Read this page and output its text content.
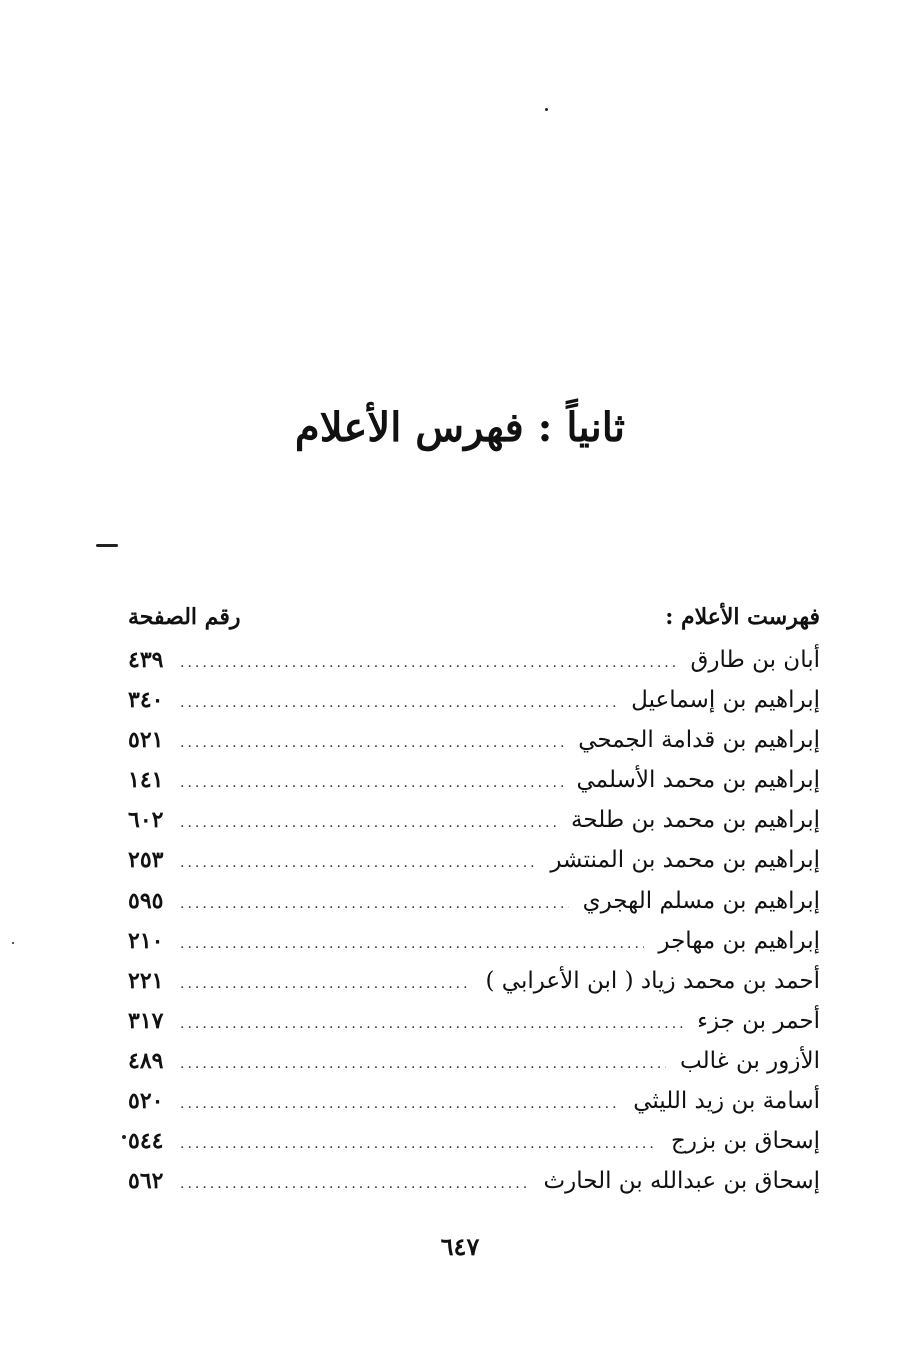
ثانياً : فهرس الأعلام
فهرست الأعلام :
رقم الصفحة
أبان بن طارق
.....
٤٣٩
إبراهيم بن إسماعيل
.....
٣٤٠
إبراهيم بن قدامة الجمحي
.....
٥٢١
إبراهيم بن محمد الأسلمي
.....
١٤١
إبراهيم بن محمد بن طلحة
.....
٦٠٢
إبراهيم بن محمد بن المنتشر
.....
٢٥٣
إبراهيم بن مسلم الهجري
.....
٥٩٥
إبراهيم بن مهاجر
.....
٢١٠
أحمد بن محمد زياد ( ابن الأعرابي )
.....
٢٢١
أحمر بن جزء
.....
٣١٧
الأزور بن غالب
.....
٤٨٩
أسامة بن زيد الليثي
.....
٥٢٠
إسحاق بن بزرج
.....
٥٤٤
إسحاق بن عبدالله بن الحارث
.....
٥٦٢
٦٤٧
